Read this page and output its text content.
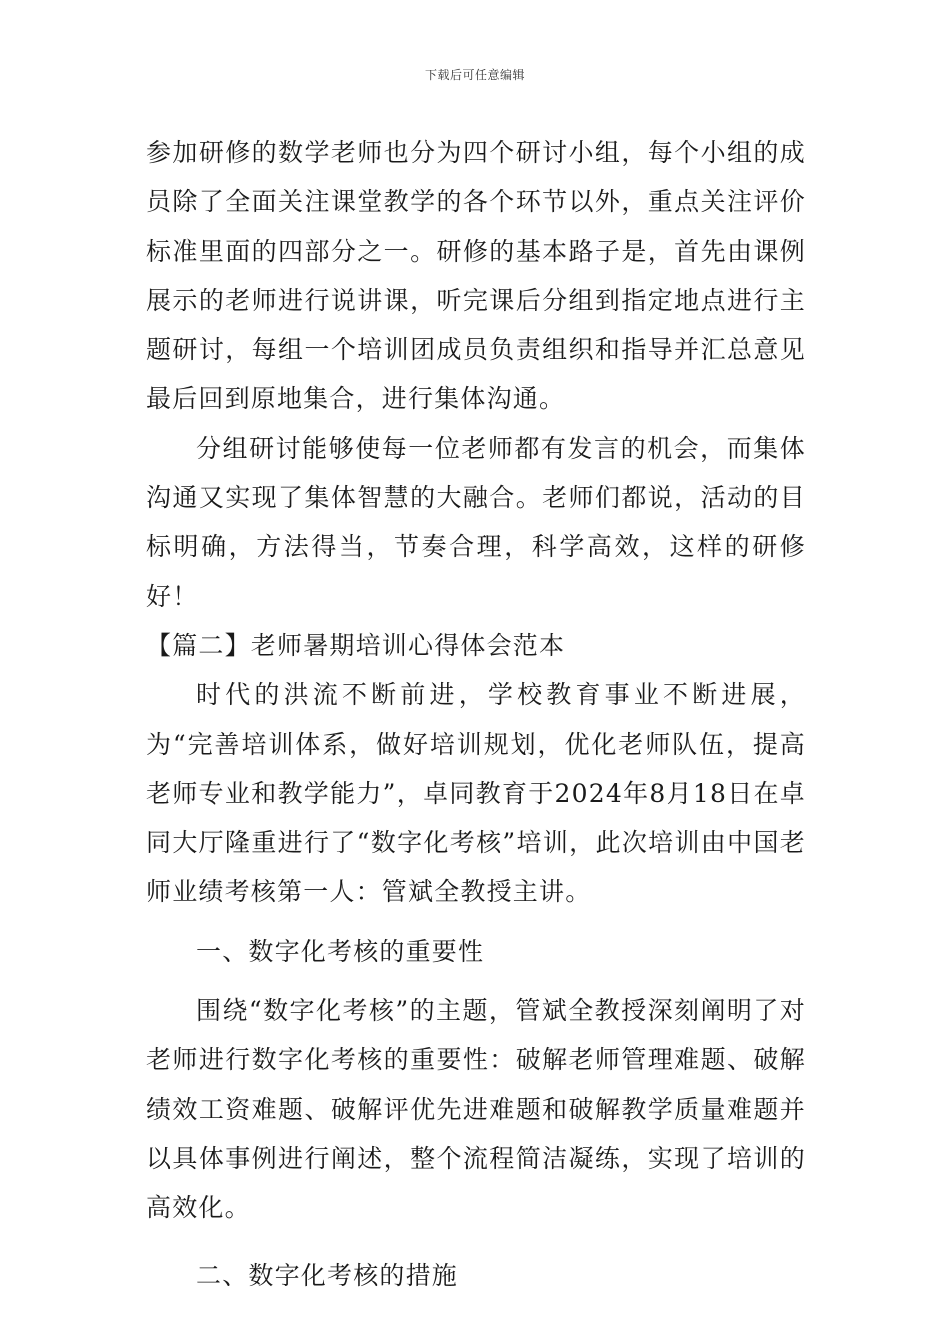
下载后可任意编辑

参加研修的数学老师也分为四个研讨小组，每个小组的成员除了全面关注课堂教学的各个环节以外，重点关注评价标准里面的四部分之一。研修的基本路子是，首先由课例展示的老师进行说讲课，听完课后分组到指定地点进行主题研讨，每组一个培训团成员负责组织和指导并汇总意见最后回到原地集合，进行集体沟通。

分组研讨能够使每一位老师都有发言的机会，而集体沟通又实现了集体智慧的大融合。老师们都说，活动的目标明确，方法得当，节奏合理，科学高效，这样的研修好！

【篇二】老师暑期培训心得体会范本

时代的洪流不断前进，学校教育事业不断进展，为“完善培训体系，做好培训规划，优化老师队伍，提高老师专业和教学能力”，卓同教育于2024年8月18日在卓同大厅隆重进行了“数字化考核”培训，此次培训由中国老师业绩考核第一人：管斌全教授主讲。

一、数字化考核的重要性

围绕“数字化考核”的主题，管斌全教授深刻阐明了对老师进行数字化考核的重要性：破解老师管理难题、破解绩效工资难题、破解评优先进难题和破解教学质量难题并以具体事例进行阐述，整个流程简洁凝练，实现了培训的高效化。

二、数字化考核的措施
